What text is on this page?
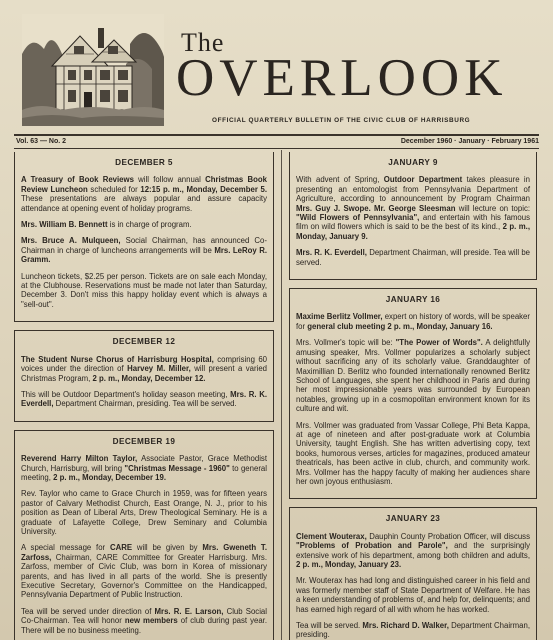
The
OVERLOOK
OFFICIAL QUARTERLY BULLETIN OF THE CIVIC CLUB OF HARRISBURG
Vol. 63 — No. 2	December 1960 · January · February 1961
DECEMBER 5

A Treasury of Book Reviews will follow annual Christmas Book Review Luncheon scheduled for 12:15 p. m., Monday, December 5. These presentations are always popular and assure capacity attendance at opening event of holiday programs.

Mrs. William B. Bennett is in charge of program.

Mrs. Bruce A. Mulqueen, Social Chairman, has announced Co-Chairman in charge of luncheons arrangements will be Mrs. LeRoy R. Gramm.

Luncheon tickets, $2.25 per person. Tickets are on sale each Monday, at the Clubhouse. Reservations must be made not later than Saturday, December 3. Don't miss this happy holiday event which is always a "sell-out".

DECEMBER 12

The Student Nurse Chorus of Harrisburg Hospital, comprising 60 voices under the direction of Harvey M. Miller, will present a varied Christmas Program, 2 p. m., Monday, December 12.

This will be Outdoor Department's holiday season meeting, Mrs. R. K. Everdell, Department Chairman, presiding. Tea will be served.

DECEMBER 19

Reverend Harry Milton Taylor, Associate Pastor, Grace Methodist Church, Harrisburg, will bring "Christmas Message - 1960" to general meeting, 2 p. m., Monday, December 19.

Rev. Taylor who came to Grace Church in 1959, was for fifteen years pastor of Calvary Methodist Church, East Orange, N. J., prior to his position as Dean of Liberal Arts, Drew Theological Seminary. He is a graduate of Lafayette College, Drew Seminary and Columbia University.

A special message for CARE will be given by Mrs. Gweneth T. Zarfoss, Chairman, CARE Committee for Greater Harrisburg. Mrs. Zarfoss, member of Civic Club, was born in Korea of missionary parents, and has lived in all parts of the world. She is presently Executive Secretary, Governor's Committee on the Handicapped, Pennsylvania Department of Public Instruction.

Tea will be served under direction of Mrs. R. E. Larson, Club Social Co-Chairman. Tea will honor new members of club during past year. There will be no business meeting.

JANUARY 9

With advent of Spring, Outdoor Department takes pleasure in presenting an entomologist from Pennsylvania Department of Agriculture, according to announcement by Program Chairman Mrs. Guy J. Swope. Mr. George Sleesman will lecture on topic: "Wild Flowers of Pennsylvania", and entertain with his famous film on wild flowers which is said to be the best of its kind., 2 p. m., Monday, January 9.

Mrs. R. K. Everdell, Department Chairman, will preside. Tea will be served.

JANUARY 16

Maxime Berlitz Vollmer, expert on history of words, will be speaker for general club meeting 2 p. m., Monday, January 16.

Mrs. Vollmer's topic will be: "The Power of Words". A delightfully amusing speaker, Mrs. Vollmer popularizes a scholarly subject without sacrificing any of its scholarly value. Granddaughter of Maximillian D. Berlitz who founded internationally renowned Berlitz School of Languages, she spent her childhood in Paris and during her most impressionable years was surrounded by European notables, growing up in a cosmopolitan environment known for its culture and wit.

Mrs. Vollmer was graduated from Vassar College, Phi Beta Kappa, at age of nineteen and after post-graduate work at Columbia University, taught English. She has written advertising copy, text books, humorous verses, articles for magazines, produced amateur theatricals, has been active in club, church, and community work. Mrs. Vollmer has the happy faculty of making her audiences share her own joyous enthusiasm.

JANUARY 23

Clement Wouterax, Dauphin County Probation Officer, will discuss "Problems of Probation and Parole", and the surprisingly extensive work of his department, among both children and adults, 2 p. m., Monday, January 23.

Mr. Wouterax has had long and distinguished career in his field and was formerly member staff of State Department of Welfare. He has a keen understanding of problems of, and help for, delinquents; and has earned high regard of all with whom he has worked.

Tea will be served. Mrs. Richard D. Walker, Department Chairman, presiding.
